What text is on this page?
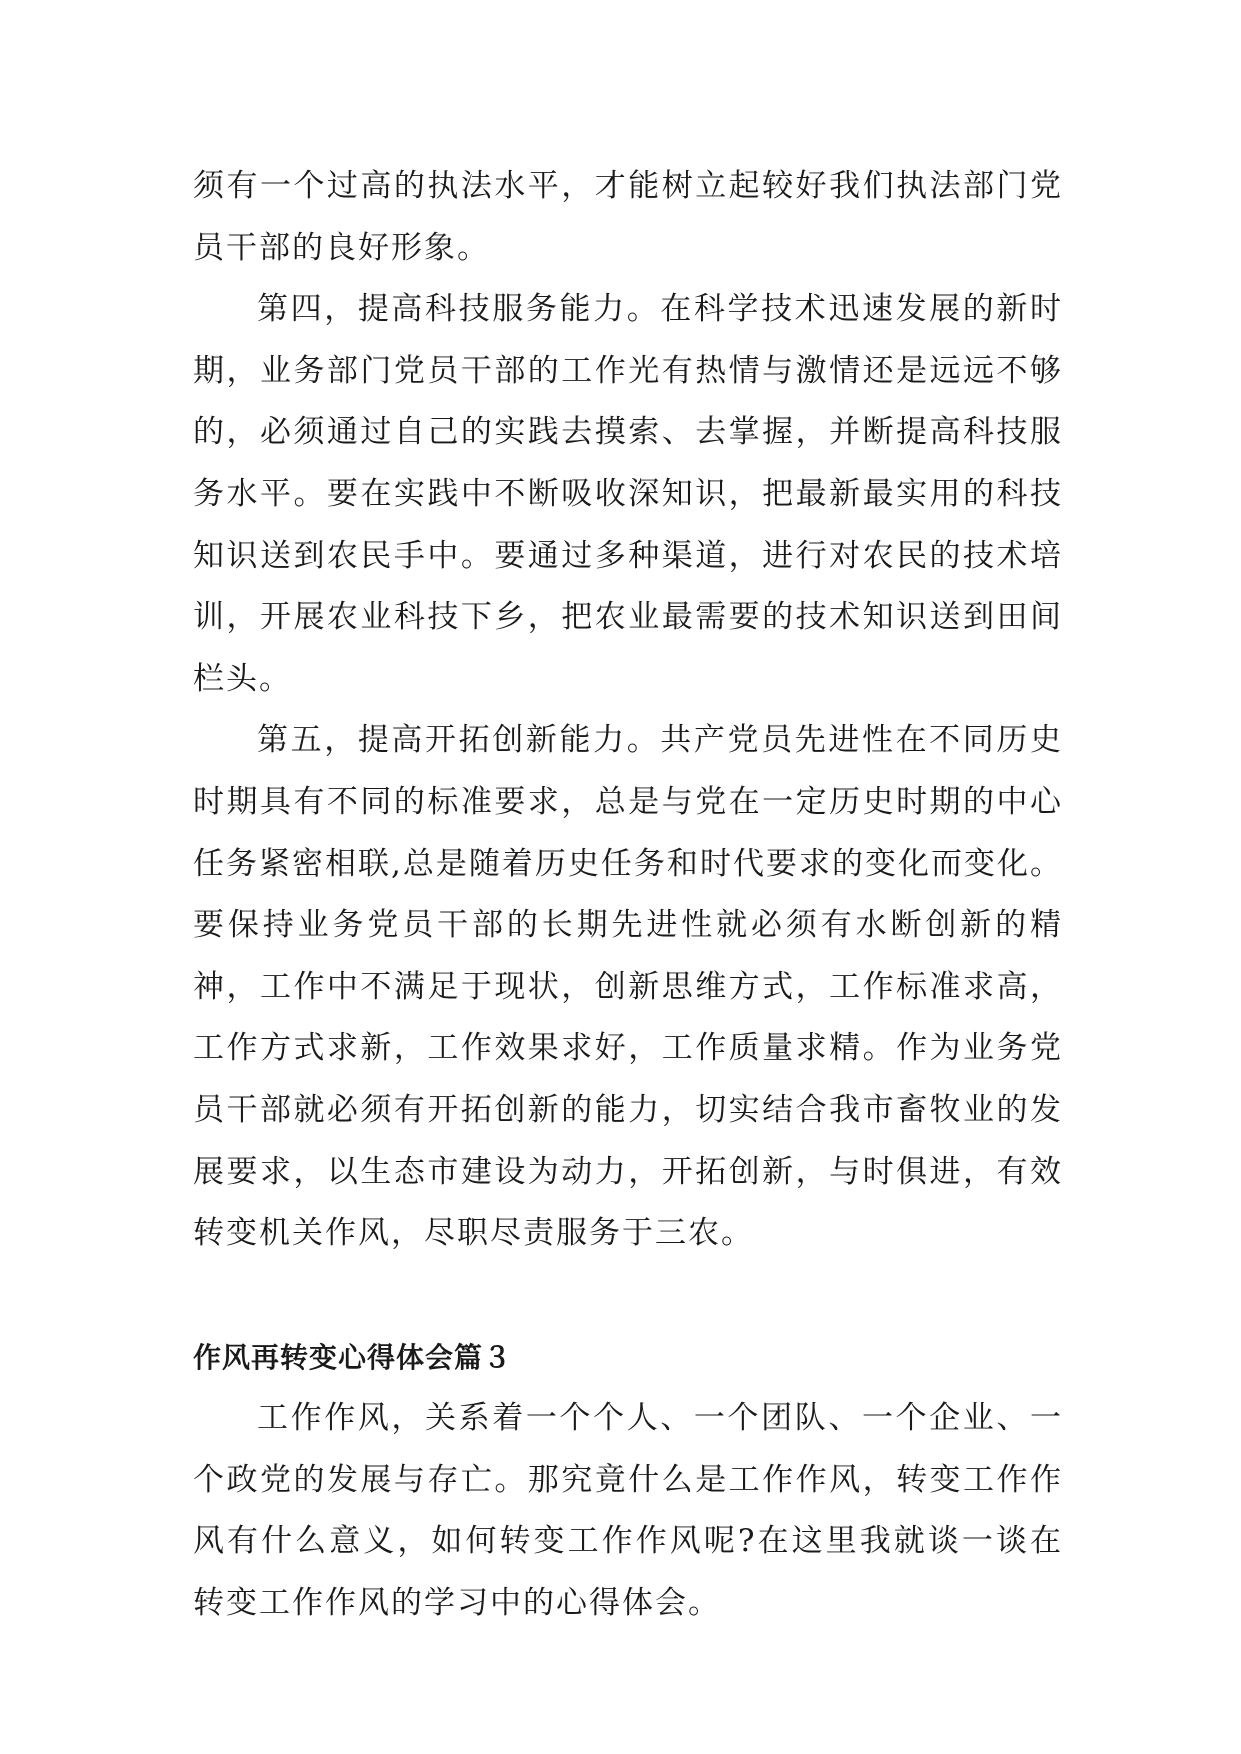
须有一个过高的执法水平，才能树立起较好我们执法部门党员干部的良好形象。

第四，提高科技服务能力。在科学技术迅速发展的新时期，业务部门党员干部的工作光有热情与激情还是远远不够的，必须通过自己的实践去摸索、去掌握，并断提高科技服务水平。要在实践中不断吸收深知识，把最新最实用的科技知识送到农民手中。要通过多种渠道，进行对农民的技术培训，开展农业科技下乡，把农业最需要的技术知识送到田间栏头。

第五，提高开拓创新能力。共产党员先进性在不同历史时期具有不同的标准要求，总是与党在一定历史时期的中心任务紧密相联,总是随着历史任务和时代要求的变化而变化。要保持业务党员干部的长期先进性就必须有水断创新的精神，工作中不满足于现状，创新思维方式，工作标准求高，工作方式求新，工作效果求好，工作质量求精。作为业务党员干部就必须有开拓创新的能力，切实结合我市畜牧业的发展要求，以生态市建设为动力，开拓创新，与时俱进，有效转变机关作风，尽职尽责服务于三农。

作风再转变心得体会篇３

工作作风，关系着一个个人、一个团队、一个企业、一个政党的发展与存亡。那究竟什么是工作作风，转变工作作风有什么意义，如何转变工作作风呢?在这里我就谈一谈在转变工作作风的学习中的心得体会。
